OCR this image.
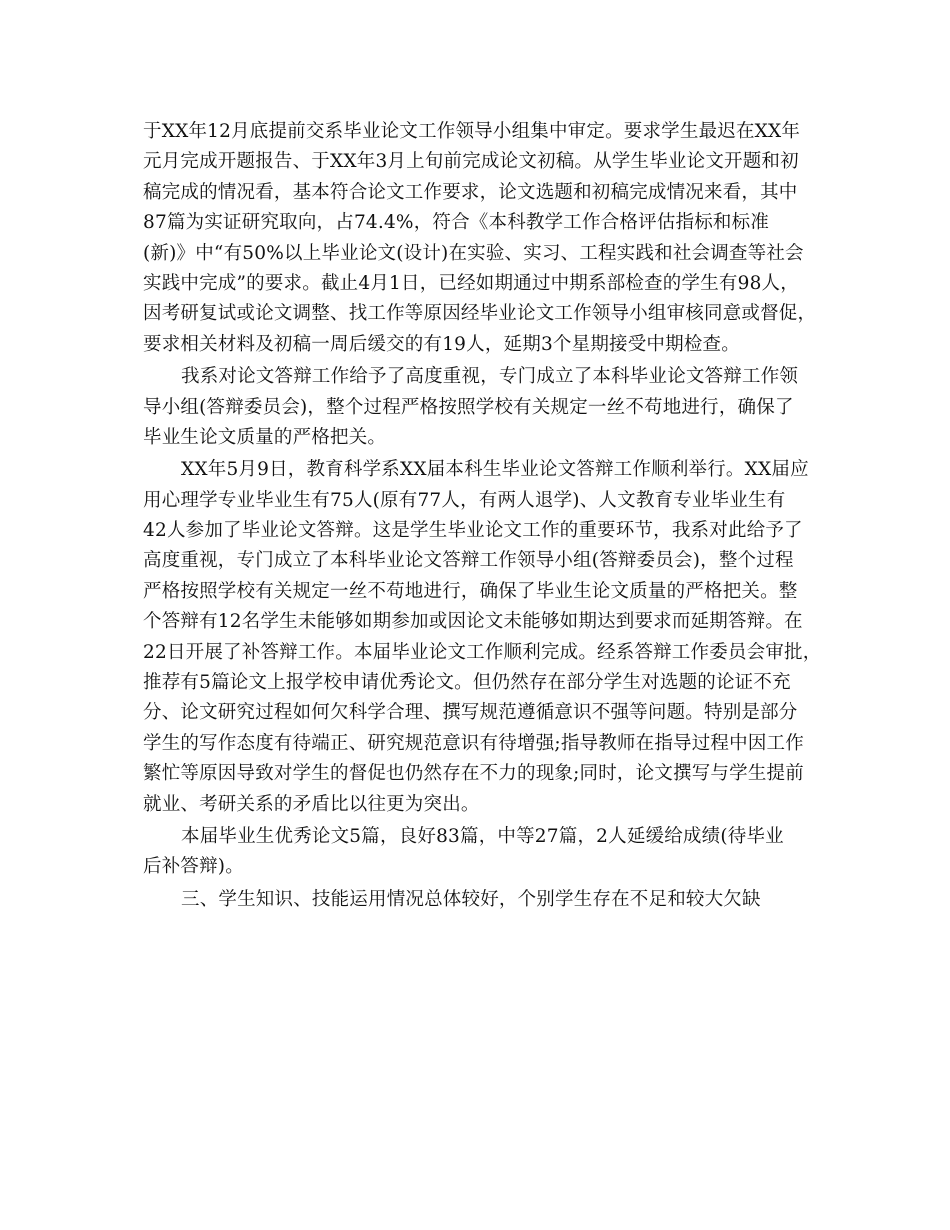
于XX年12月底提前交系毕业论文工作领导小组集中审定。要求学生最迟在XX年
元月完成开题报告、于XX年3月上旬前完成论文初稿。从学生毕业论文开题和初
稿完成的情况看，基本符合论文工作要求，论文选题和初稿完成情况来看，其中
87篇为实证研究取向，占74.4%，符合《本科教学工作合格评估指标和标准
(新)》中“有50%以上毕业论文(设计)在实验、实习、工程实践和社会调查等社会
实践中完成”的要求。截止4月1日，已经如期通过中期系部检查的学生有98人，
因考研复试或论文调整、找工作等原因经毕业论文工作领导小组审核同意或督促，
要求相关材料及初稿一周后缓交的有19人，延期3个星期接受中期检查。
我系对论文答辩工作给予了高度重视，专门成立了本科毕业论文答辩工作领
导小组(答辩委员会)，整个过程严格按照学校有关规定一丝不苟地进行，确保了
毕业生论文质量的严格把关。
XX年5月9日，教育科学系XX届本科生毕业论文答辩工作顺利举行。XX届应
用心理学专业毕业生有75人(原有77人，有两人退学)、人文教育专业毕业生有
42人参加了毕业论文答辩。这是学生毕业论文工作的重要环节，我系对此给予了
高度重视，专门成立了本科毕业论文答辩工作领导小组(答辩委员会)，整个过程
严格按照学校有关规定一丝不苟地进行，确保了毕业生论文质量的严格把关。整
个答辩有12名学生未能够如期参加或因论文未能够如期达到要求而延期答辩。在
22日开展了补答辩工作。本届毕业论文工作顺利完成。经系答辩工作委员会审批，
推荐有5篇论文上报学校申请优秀论文。但仍然存在部分学生对选题的论证不充
分、论文研究过程如何欠科学合理、撰写规范遵循意识不强等问题。特别是部分
学生的写作态度有待端正、研究规范意识有待增强;指导教师在指导过程中因工作
繁忙等原因导致对学生的督促也仍然存在不力的现象;同时，论文撰写与学生提前
就业、考研关系的矛盾比以往更为突出。
本届毕业生优秀论文5篇，良好83篇，中等27篇，2人延缓给成绩(待毕业
后补答辩)。
三、学生知识、技能运用情况总体较好，个别学生存在不足和较大欠缺
